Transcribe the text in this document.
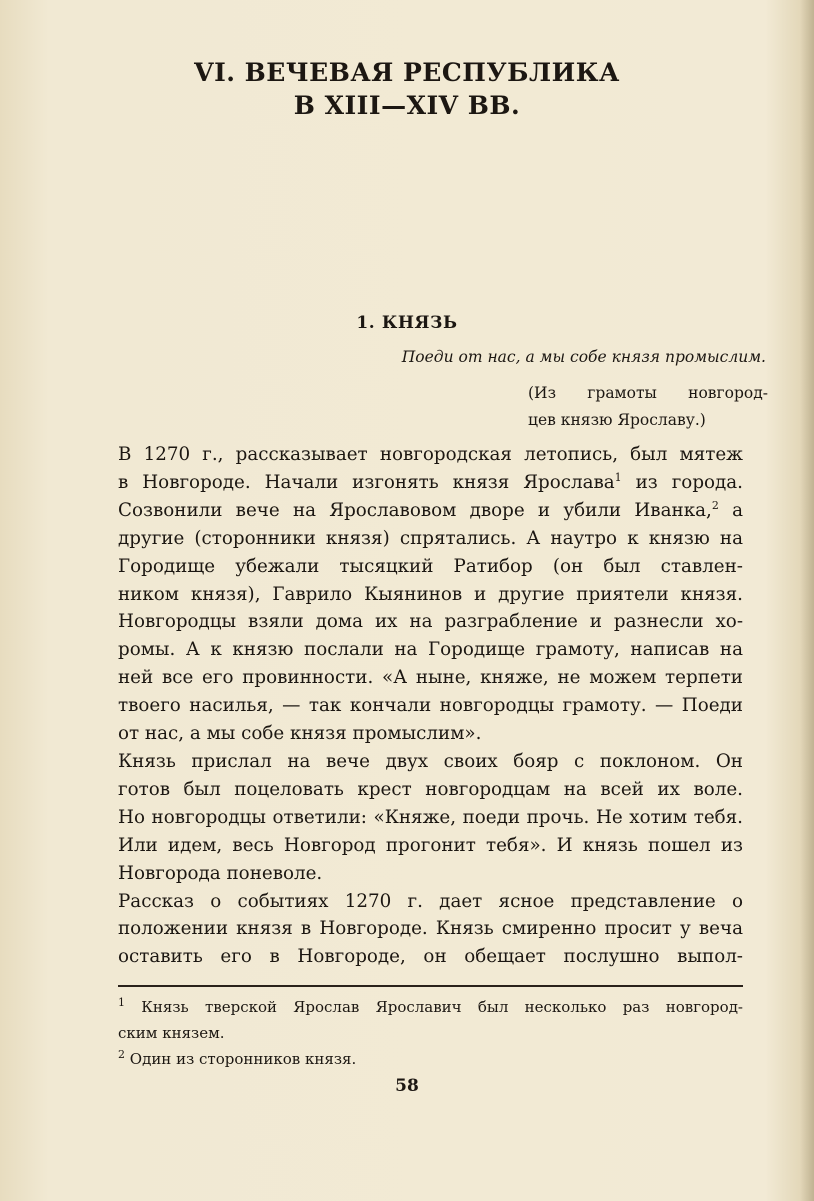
VI. ВЕЧЕВАЯ РЕСПУБЛИКА
В XIII—XIV ВВ.
1. КНЯЗЬ

Поеди от нас, а мы собе князя промыслим.

(Из грамоты новгород-
цев князю Ярославу.)

В 1270 г., рассказывает новгородская летопись, был мятеж
в Новгороде. Начали изгонять князя Ярослава$^1$ из города.
Созвонили вече на Ярославовом дворе и убили Иванка,$^2$ а
другие (сторонники князя) спрятались. А наутро к князю на
Городище убежали тысяцкий Ратибор (он был ставлен-
ником князя), Гаврило Кыянинов и другие приятели князя.
Новгородцы взяли дома их на разграбление и разнесли хо-
ромы. А к князю послали на Городище грамоту, написав на
ней все его провинности. «А ныне, княже, не можем терпети
твоего насилья, — так кончали новгородцы грамоту. — Поеди
от нас, а мы собе князя промыслим».
Князь прислал на вече двух своих бояр с поклоном. Он
готов был поцеловать крест новгородцам на всей их воле.
Но новгородцы ответили: «Княже, поеди прочь. Не хотим тебя.
Или идем, весь Новгород прогонит тебя». И князь пошел из
Новгорода поневоле.
Рассказ о событиях 1270 г. дает ясное представление о
положении князя в Новгороде. Князь смиренно просит у веча
оставить его в Новгороде, он обещает послушно выпол-

$^1$ Князь тверской Ярослав Ярославич был несколько раз новгород-
ским князем.

$^2$ Один из сторонников князя.

58
